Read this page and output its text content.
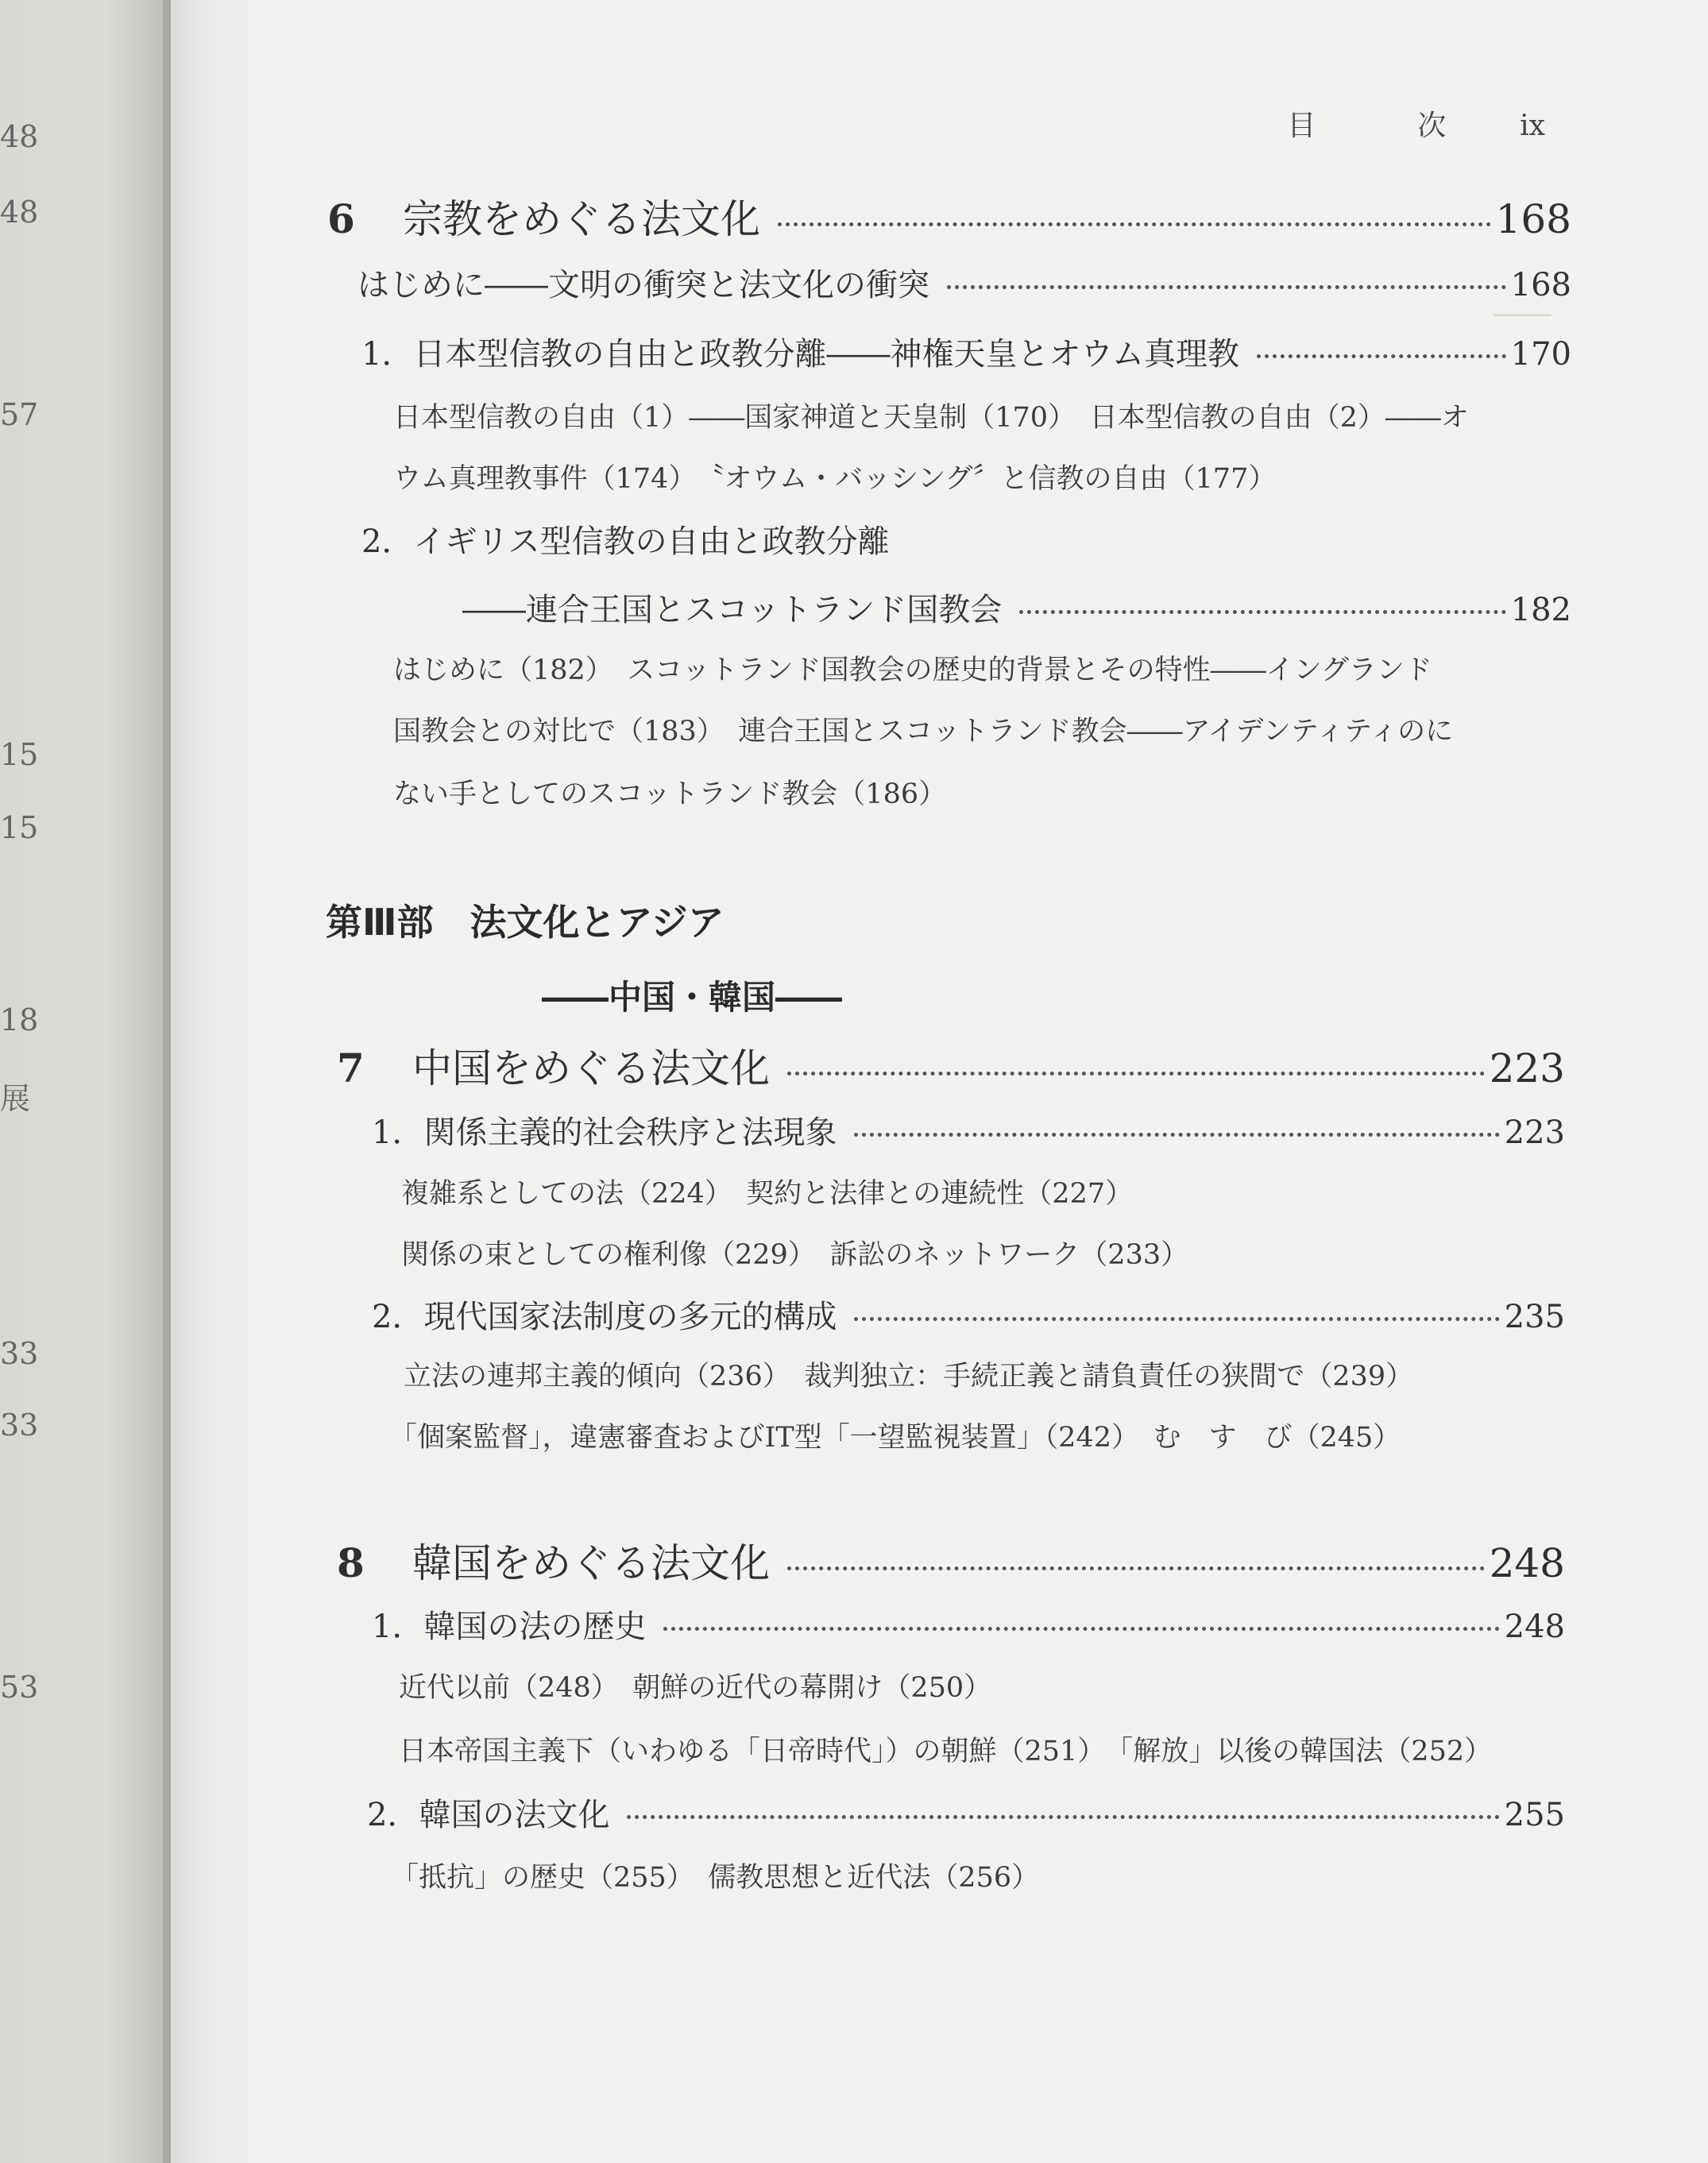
48
48
57
15
15
18
展
33
33
53
────
目	次	ix
6 宗教をめぐる法文化	168
はじめに――文明の衝突と法文化の衝突	168
1．日本型信教の自由と政教分離――神権天皇とオウム真理教	170
日本型信教の自由（1）――国家神道と天皇制（170）　日本型信教の自由（2）――オ
ウム真理教事件（174）　〝オウム・バッシング〞と信教の自由（177）
2．イギリス型信教の自由と政教分離
――連合王国とスコットランド国教会	182
はじめに（182）　スコットランド国教会の歴史的背景とその特性――イングランド
国教会との対比で（183）　連合王国とスコットランド教会――アイデンティティのに
ない手としてのスコットランド教会（186）
第Ⅲ部　法文化とアジア
――中国・韓国――
7 中国をめぐる法文化	223
1．関係主義的社会秩序と法現象	223
複雑系としての法（224）　契約と法律との連続性（227）
関係の束としての権利像（229）　訴訟のネットワーク（233）
2．現代国家法制度の多元的構成	235
立法の連邦主義的傾向（236）　裁判独立：手続正義と請負責任の狭間で（239）
「個案監督」，違憲審査およびIT型「一望監視装置」（242）　む　す　び（245）
8 韓国をめぐる法文化	248
1．韓国の法の歴史	248
近代以前（248）　朝鮮の近代の幕開け（250）
日本帝国主義下（いわゆる「日帝時代」）の朝鮮（251）　「解放」以後の韓国法（252）
2．韓国の法文化	255
「抵抗」の歴史（255）　儒教思想と近代法（256）
